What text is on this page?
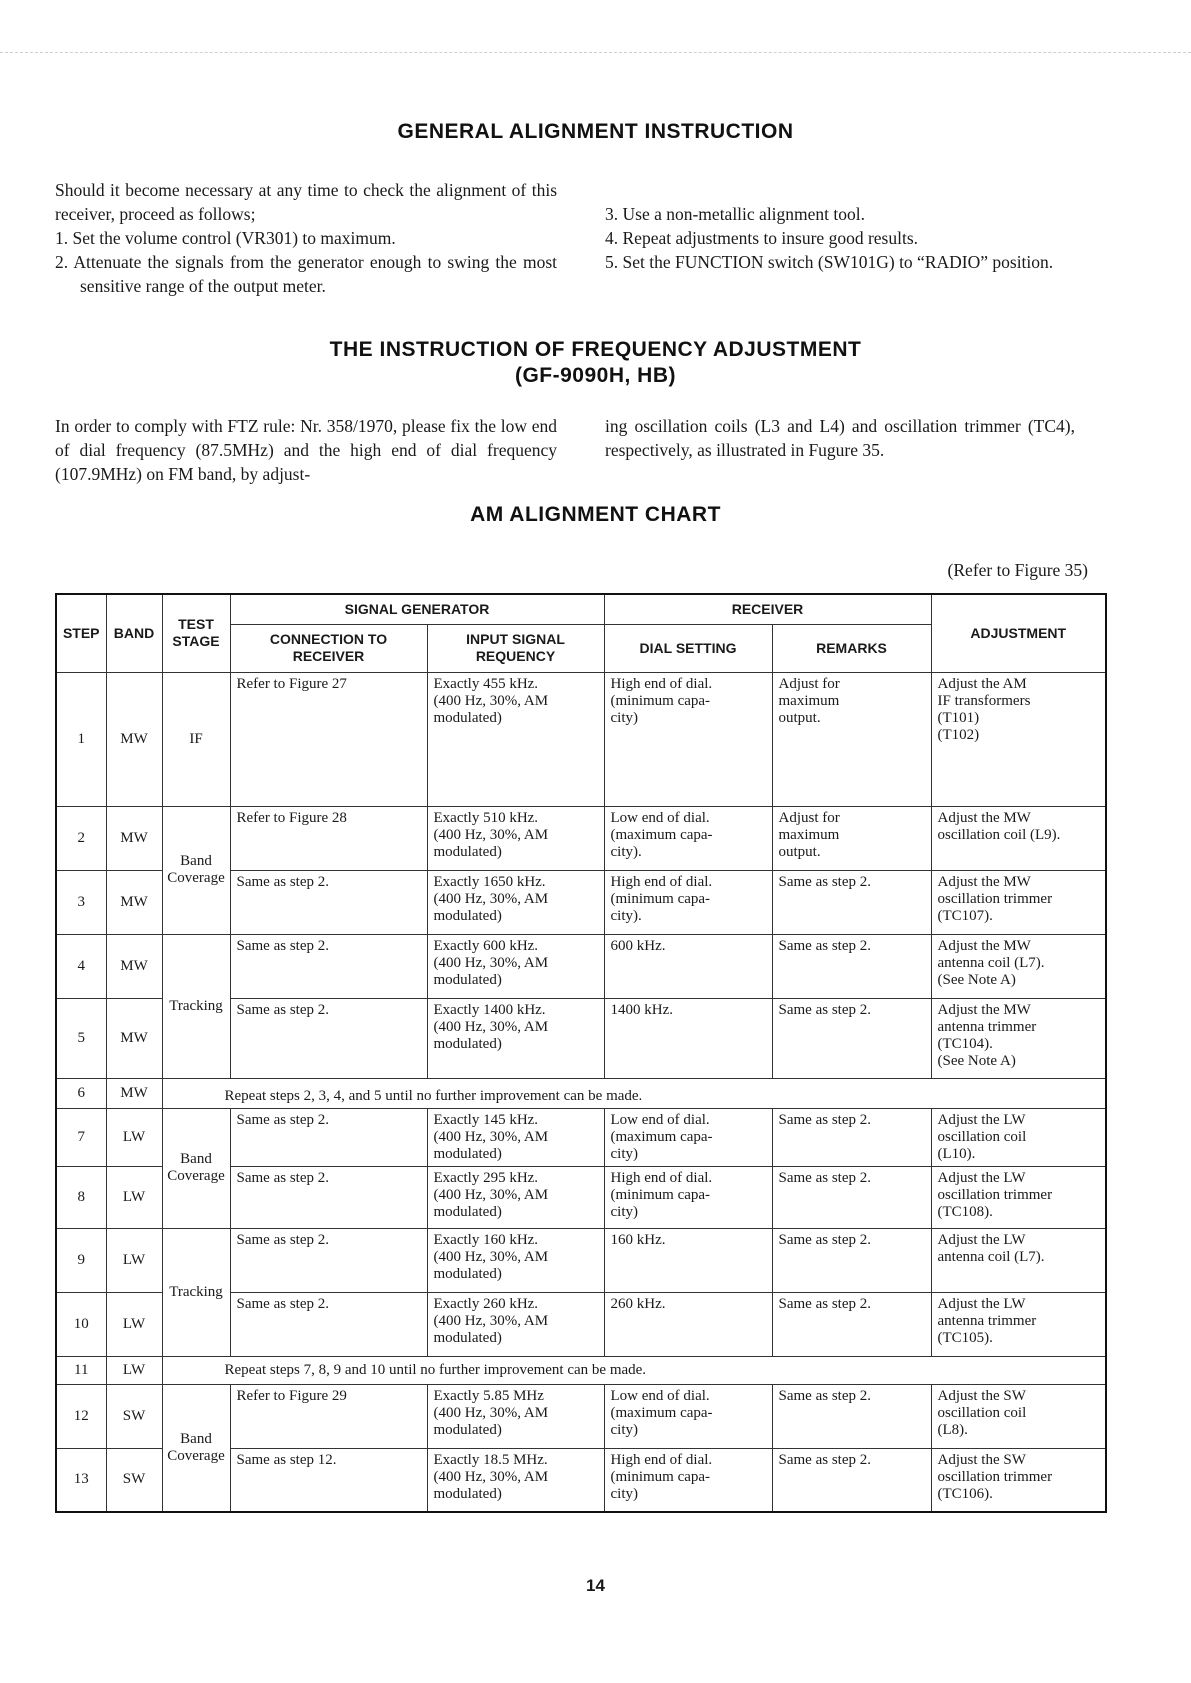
GENERAL ALIGNMENT INSTRUCTION

Should it become necessary at any time to check the alignment of this receiver, proceed as follows;

1. Set the volume control (VR301) to maximum.

2. Attenuate the signals from the generator enough to swing the most sensitive range of the output meter.

3. Use a non-metallic alignment tool.

4. Repeat adjustments to insure good results.

5. Set the FUNCTION switch (SW101G) to “RADIO” position.

THE INSTRUCTION OF FREQUENCY ADJUSTMENT
(GF-9090H, HB)

In order to comply with FTZ rule: Nr. 358/1970, please fix the low end of dial frequency (87.5MHz) and the high end of dial frequency (107.9MHz) on FM band, by adjust-

ing oscillation coils (L3 and L4) and oscillation trimmer (TC4), respectively, as illustrated in Fugure 35.

AM ALIGNMENT CHART
(Refer to Figure 35)
STEP	BAND	TEST STAGE	SIGNAL GENERATOR		RECEIVER		ADJUSTMENT
			CONNECTION TO RECEIVER	INPUT SIGNAL REQUENCY	DIAL SETTING	REMARKS	
1	MW	IF	Refer to Figure 27	Exactly 455 kHz.
(400 Hz, 30%, AM
modulated)	High end of dial.
(minimum capa-
city)	Adjust for
maximum
output.	Adjust the AM
IF transformers
(T101)
(T102)
2	MW	Band Coverage	Refer to Figure 28	Exactly 510 kHz.
(400 Hz, 30%, AM
modulated)	Low end of dial.
(maximum capa-
city).	Adjust for
maximum
output.	Adjust the MW
oscillation coil (L9).
3	MW		Same as step 2.	Exactly 1650 kHz.
(400 Hz, 30%, AM
modulated)	High end of dial.
(minimum capa-
city).	Same as step 2.	Adjust the MW
oscillation trimmer
(TC107).
4	MW	Tracking	Same as step 2.	Exactly 600 kHz.
(400 Hz, 30%, AM
modulated)	600 kHz.	Same as step 2.	Adjust the MW
antenna coil (L7).
(See Note A)
5	MW		Same as step 2.	Exactly 1400 kHz.
(400 Hz, 30%, AM
modulated)	1400 kHz.	Same as step 2.	Adjust the MW
antenna trimmer
(TC104).
(See Note A)
6	MW	Repeat steps 2, 3, 4, and 5 until no further improvement can be made.					
7	LW	Band Coverage	Same as step 2.	Exactly 145 kHz.
(400 Hz, 30%, AM
modulated)	Low end of dial.
(maximum capa-
city)	Same as step 2.	Adjust the LW
oscillation coil
(L10).
8	LW		Same as step 2.	Exactly 295 kHz.
(400 Hz, 30%, AM
modulated)	High end of dial.
(minimum capa-
city)	Same as step 2.	Adjust the LW
oscillation trimmer
(TC108).
9	LW	Tracking	Same as step 2.	Exactly 160 kHz.
(400 Hz, 30%, AM
modulated)	160 kHz.	Same as step 2.	Adjust the LW
antenna coil (L7).
10	LW		Same as step 2.	Exactly 260 kHz.
(400 Hz, 30%, AM
modulated)	260 kHz.	Same as step 2.	Adjust the LW
antenna trimmer
(TC105).
11	LW	Repeat steps 7, 8, 9 and 10 until no further improvement can be made.					
12	SW	Band Coverage	Refer to Figure 29	Exactly 5.85 MHz
(400 Hz, 30%, AM
modulated)	Low end of dial.
(maximum capa-
city)	Same as step 2.	Adjust the SW
oscillation coil
(L8).
13	SW		Same as step 12.	Exactly 18.5 MHz.
(400 Hz, 30%, AM
modulated)	High end of dial.
(minimum capa-
city)	Same as step 2.	Adjust the SW
oscillation trimmer
(TC106).
14
